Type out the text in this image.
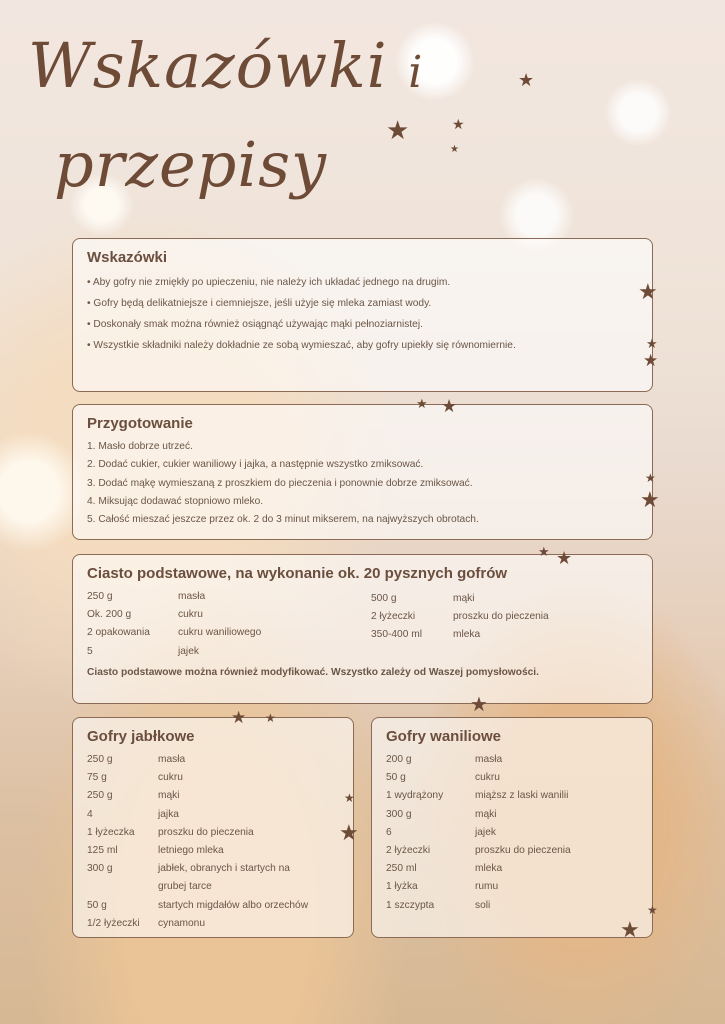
Wskazówki i
przepisy
★
★	★
★
Wskazówki

• Aby gofry nie zmiękły po upieczeniu, nie należy ich układać jednego na drugim.

• Gofry będą delikatniejsze i ciemniejsze, jeśli użyje się mleka zamiast wody.

• Doskonały smak można również osiągnąć używając mąki pełnoziarnistej.

• Wszystkie składniki należy dokładnie ze sobą wymieszać, aby gofry upiekły się równomiernie.

★
★
★
Przygotowanie

1. Masło dobrze utrzeć.

2. Dodać cukier, cukier waniliowy i jajka, a następnie wszystko zmiksować.

3. Dodać mąkę wymieszaną z proszkiem do pieczenia i ponownie dobrze zmiksować.

4. Miksując dodawać stopniowo mleko.

5. Całość mieszać jeszcze przez ok. 2 do 3 minut mikserem, na najwyższych obrotach.

★ ★
★
★
Ciasto podstawowe, na wykonanie ok. 20 pysznych gofrów
250 g	masła
Ok. 200 g	cukru
2 opakowania	cukru waniliowego
5	jajek
500 g	mąki
2 łyżeczki	proszku do pieczenia
350-400 ml	mleka
Ciasto podstawowe można również modyfikować. Wszystko zależy od Waszej pomysłowości.
★ ★
★
Gofry jabłkowe
250 g	masła
75 g	cukru
250 g	mąki
4	jajka
1 łyżeczka	proszku do pieczenia
125 ml	letniego mleka
300 g	jabłek, obranych i startych na
grubej tarce
50 g	startych migdałów albo orzechów
1/2 łyżeczki	cynamonu
★ ★
★
★
Gofry waniliowe
200 g	masła
50 g	cukru
1 wydrążony	miąższ z laski wanilii
300 g	mąki
6	jajek
2 łyżeczki	proszku do pieczenia
250 ml	mleka
1 łyżka	rumu
1 szczypta	soli	★
★
